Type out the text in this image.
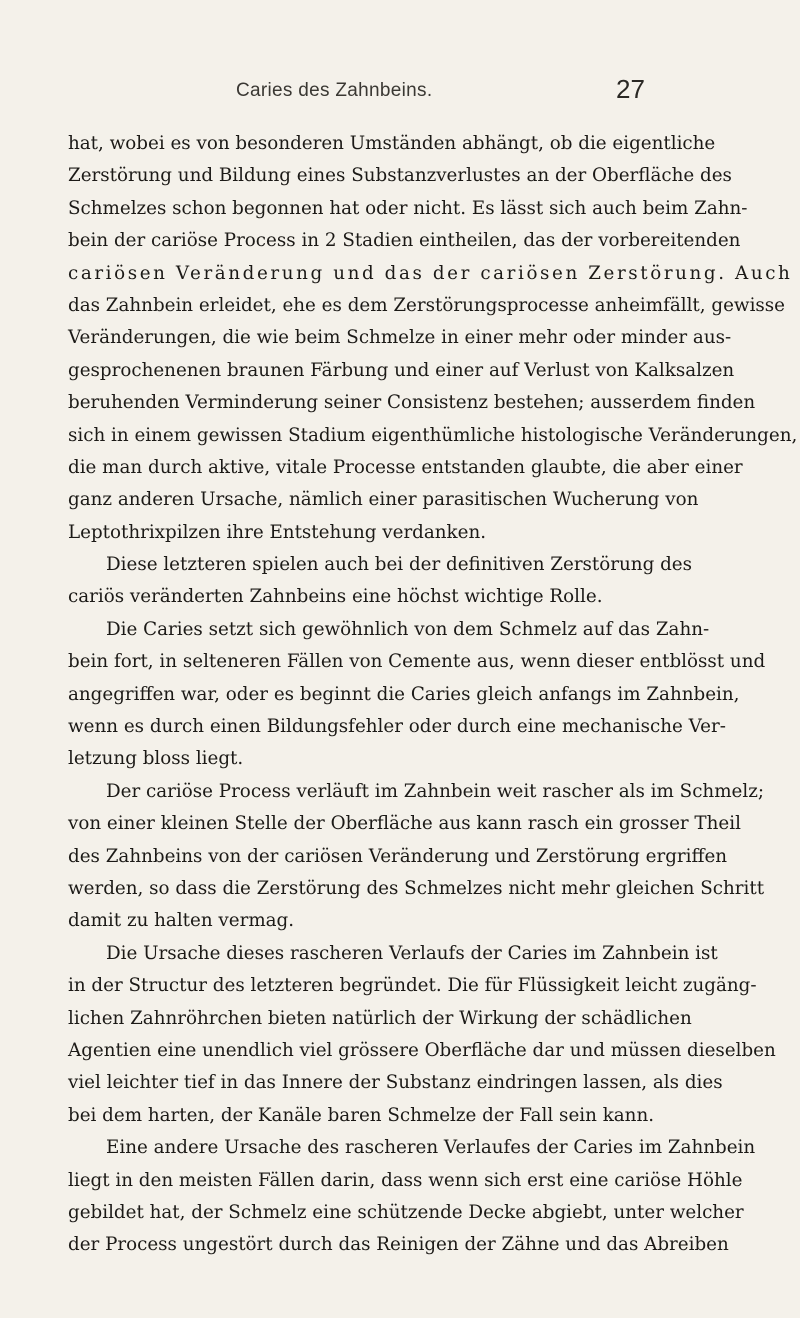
Caries des Zahnbeins.	27
hat, wobei es von besonderen Umständen abhängt, ob die eigentliche
Zerstörung und Bildung eines Substanzverlustes an der Oberfläche des
Schmelzes schon begonnen hat oder nicht. Es lässt sich auch beim Zahn-
bein der cariöse Process in 2 Stadien eintheilen, das der vorbereitenden
cariösen Veränderung und das der cariösen Zerstörung. Auch
das Zahnbein erleidet, ehe es dem Zerstörungsprocesse anheimfällt, gewisse
Veränderungen, die wie beim Schmelze in einer mehr oder minder aus-
gesprochenenen braunen Färbung und einer auf Verlust von Kalksalzen
beruhenden Verminderung seiner Consistenz bestehen; ausserdem finden
sich in einem gewissen Stadium eigenthümliche histologische Veränderungen,
die man durch aktive, vitale Processe entstanden glaubte, die aber einer
ganz anderen Ursache, nämlich einer parasitischen Wucherung von
Leptothrixpilzen ihre Entstehung verdanken.
Diese letzteren spielen auch bei der definitiven Zerstörung des
cariös veränderten Zahnbeins eine höchst wichtige Rolle.
Die Caries setzt sich gewöhnlich von dem Schmelz auf das Zahn-
bein fort, in selteneren Fällen von Cemente aus, wenn dieser entblösst und
angegriffen war, oder es beginnt die Caries gleich anfangs im Zahnbein,
wenn es durch einen Bildungsfehler oder durch eine mechanische Ver-
letzung bloss liegt.
Der cariöse Process verläuft im Zahnbein weit rascher als im Schmelz;
von einer kleinen Stelle der Oberfläche aus kann rasch ein grosser Theil
des Zahnbeins von der cariösen Veränderung und Zerstörung ergriffen
werden, so dass die Zerstörung des Schmelzes nicht mehr gleichen Schritt
damit zu halten vermag.
Die Ursache dieses rascheren Verlaufs der Caries im Zahnbein ist
in der Structur des letzteren begründet. Die für Flüssigkeit leicht zugäng-
lichen Zahnröhrchen bieten natürlich der Wirkung der schädlichen
Agentien eine unendlich viel grössere Oberfläche dar und müssen dieselben
viel leichter tief in das Innere der Substanz eindringen lassen, als dies
bei dem harten, der Kanäle baren Schmelze der Fall sein kann.
Eine andere Ursache des rascheren Verlaufes der Caries im Zahnbein
liegt in den meisten Fällen darin, dass wenn sich erst eine cariöse Höhle
gebildet hat, der Schmelz eine schützende Decke abgiebt, unter welcher
der Process ungestört durch das Reinigen der Zähne und das Abreiben
